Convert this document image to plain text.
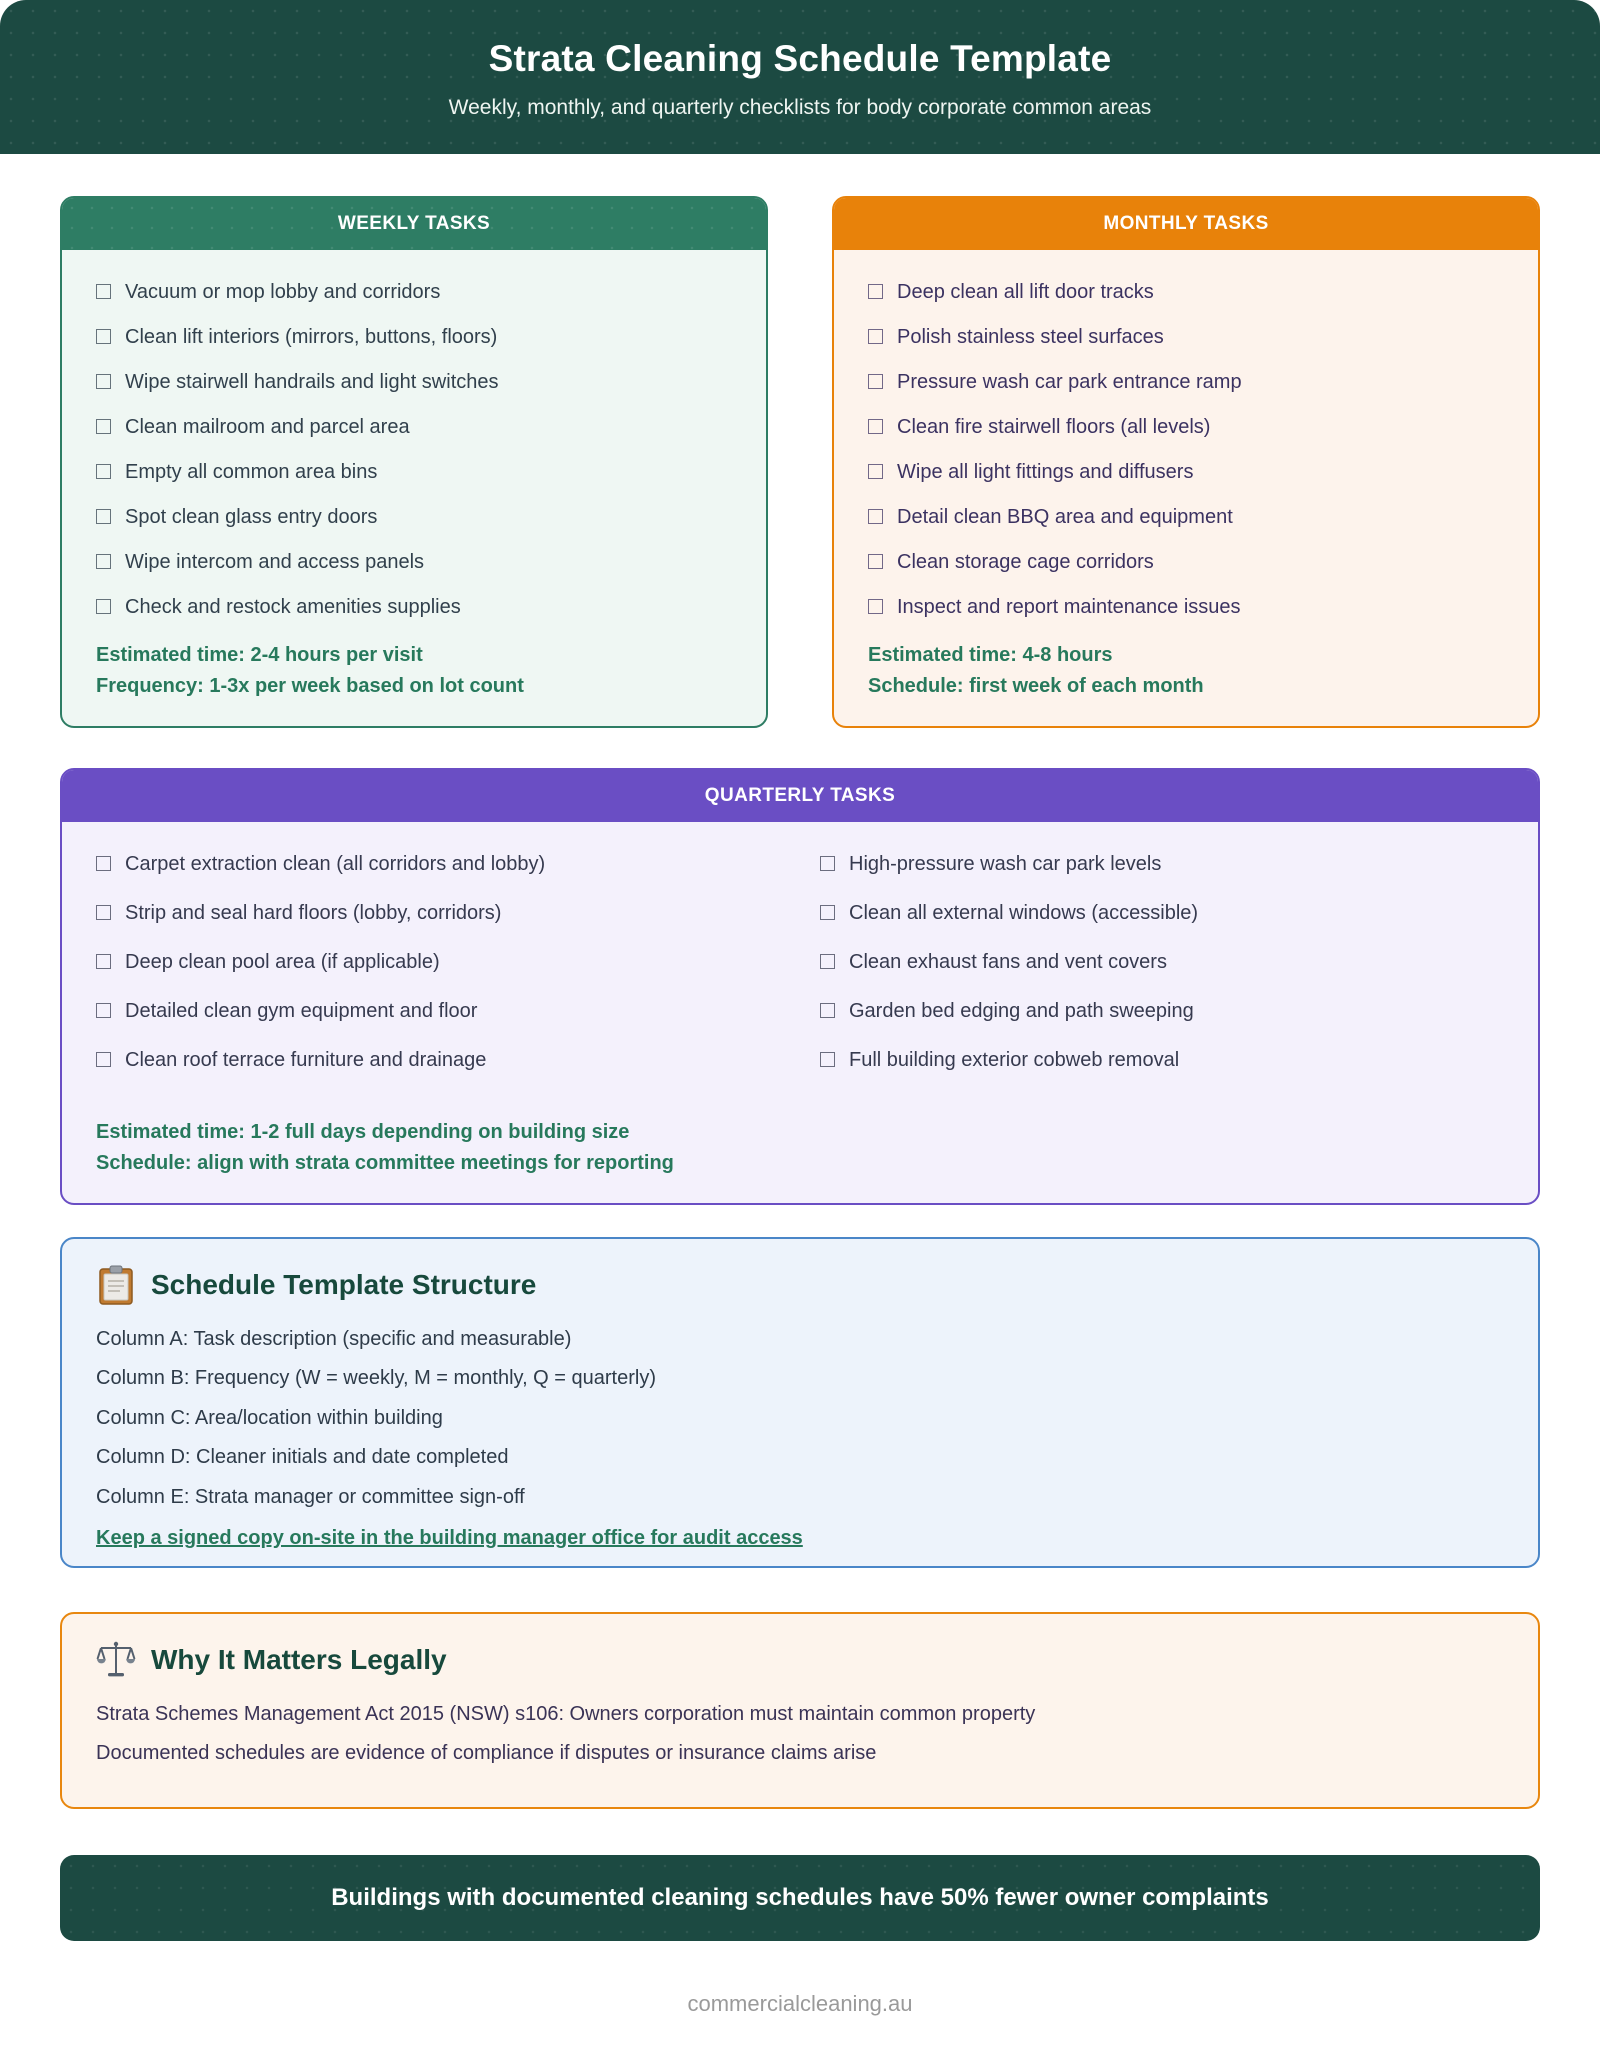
Strata Cleaning Schedule Template
Weekly, monthly, and quarterly checklists for body corporate common areas
WEEKLY TASKS
Vacuum or mop lobby and corridors
Clean lift interiors (mirrors, buttons, floors)
Wipe stairwell handrails and light switches
Clean mailroom and parcel area
Empty all common area bins
Spot clean glass entry doors
Wipe intercom and access panels
Check and restock amenities supplies

Estimated time: 2-4 hours per visit

Frequency: 1-3x per week based on lot count

MONTHLY TASKS
Deep clean all lift door tracks
Polish stainless steel surfaces
Pressure wash car park entrance ramp
Clean fire stairwell floors (all levels)
Wipe all light fittings and diffusers
Detail clean BBQ area and equipment
Clean storage cage corridors
Inspect and report maintenance issues

Estimated time: 4-8 hours

Schedule: first week of each month

QUARTERLY TASKS
Carpet extraction clean (all corridors and lobby)
Strip and seal hard floors (lobby, corridors)
Deep clean pool area (if applicable)
Detailed clean gym equipment and floor
Clean roof terrace furniture and drainage
High-pressure wash car park levels
Clean all external windows (accessible)
Clean exhaust fans and vent covers
Garden bed edging and path sweeping
Full building exterior cobweb removal

Estimated time: 1-2 full days depending on building size

Schedule: align with strata committee meetings for reporting

Schedule Template Structure

Column A: Task description (specific and measurable)

Column B: Frequency (W = weekly, M = monthly, Q = quarterly)

Column C: Area/location within building

Column D: Cleaner initials and date completed

Column E: Strata manager or committee sign-off

Keep a signed copy on-site in the building manager office for audit access

Why It Matters Legally

Strata Schemes Management Act 2015 (NSW) s106: Owners corporation must maintain common property

Documented schedules are evidence of compliance if disputes or insurance claims arise

Buildings with documented cleaning schedules have 50% fewer owner complaints

commercialcleaning.au
